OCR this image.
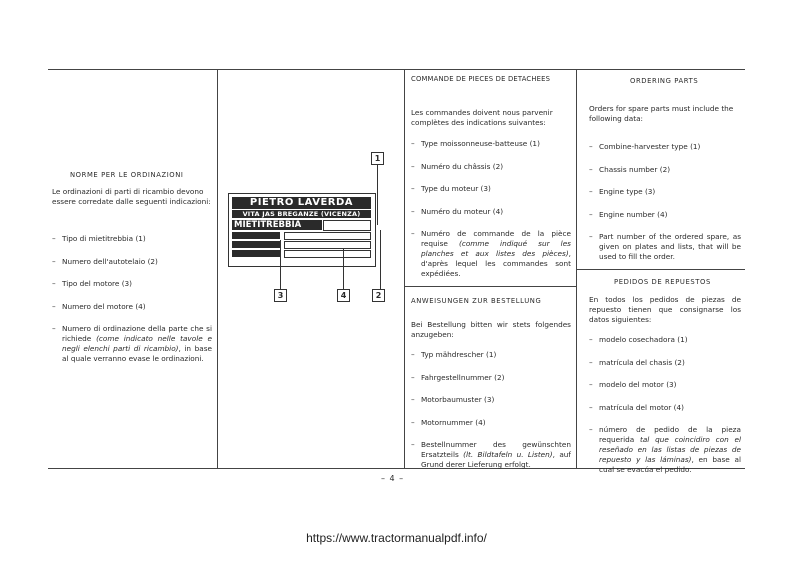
NORME PER LE ORDINAZIONI
Le ordinazioni di parti di ricambio devono essere corredate dalle seguenti indicazioni:
– Tipo di mietitrebbia (1)
– Numero dell'autotelaio (2)
– Tipo del motore (3)
– Numero del motore (4)
– Numero di ordinazione della parte che si richiede (come indicato nelle tavole e negli elenchi parti di ricambio), in base al quale verranno evase le ordinazioni.
PIETRO LAVERDA
VITA JAS BREGANZE (VICENZA)
MIETITREBBIA
1
3	4	2
COMMANDE DE PIECES DE DETACHEES
Les commandes doivent nous parvenir complètes des indications suivantes:
– Type moissonneuse-batteuse (1)
– Numéro du châssis (2)
– Type du moteur (3)
– Numéro du moteur (4)
– Numéro de commande de la pièce requise (comme indiqué sur les planches et aux listes des pièces), d'après lequel les commandes sont expédiées.
ANWEISUNGEN ZUR BESTELLUNG
Bei Bestellung bitten wir stets folgendes anzugeben:
– Typ mähdrescher (1)
– Fahrgestellnummer (2)
– Motorbaumuster (3)
– Motornummer (4)
– Bestellnummer des gewünschten Ersatzteils (lt. Bildtafeln u. Listen), auf Grund derer Lieferung erfolgt.
ORDERING PARTS
Orders for spare parts must include the following data:
– Combine-harvester type (1)
– Chassis number (2)
– Engine type (3)
– Engine number (4)
– Part number of the ordered spare, as given on plates and lists, that will be used to fill the order.
PEDIDOS DE REPUESTOS
En todos los pedidos de piezas de repuesto tienen que consignarse los datos siguientes:
– modelo cosechadora (1)
– matrícula del chasis (2)
– modelo del motor (3)
– matrícula del motor (4)
– número de pedido de la pieza requerida tal que coincidiro con el reseñado en las listas de piezas de repuesto y las láminas), en base al cual se evacúa el pedido.
– 4 –
https://www.tractormanualpdf.info/
